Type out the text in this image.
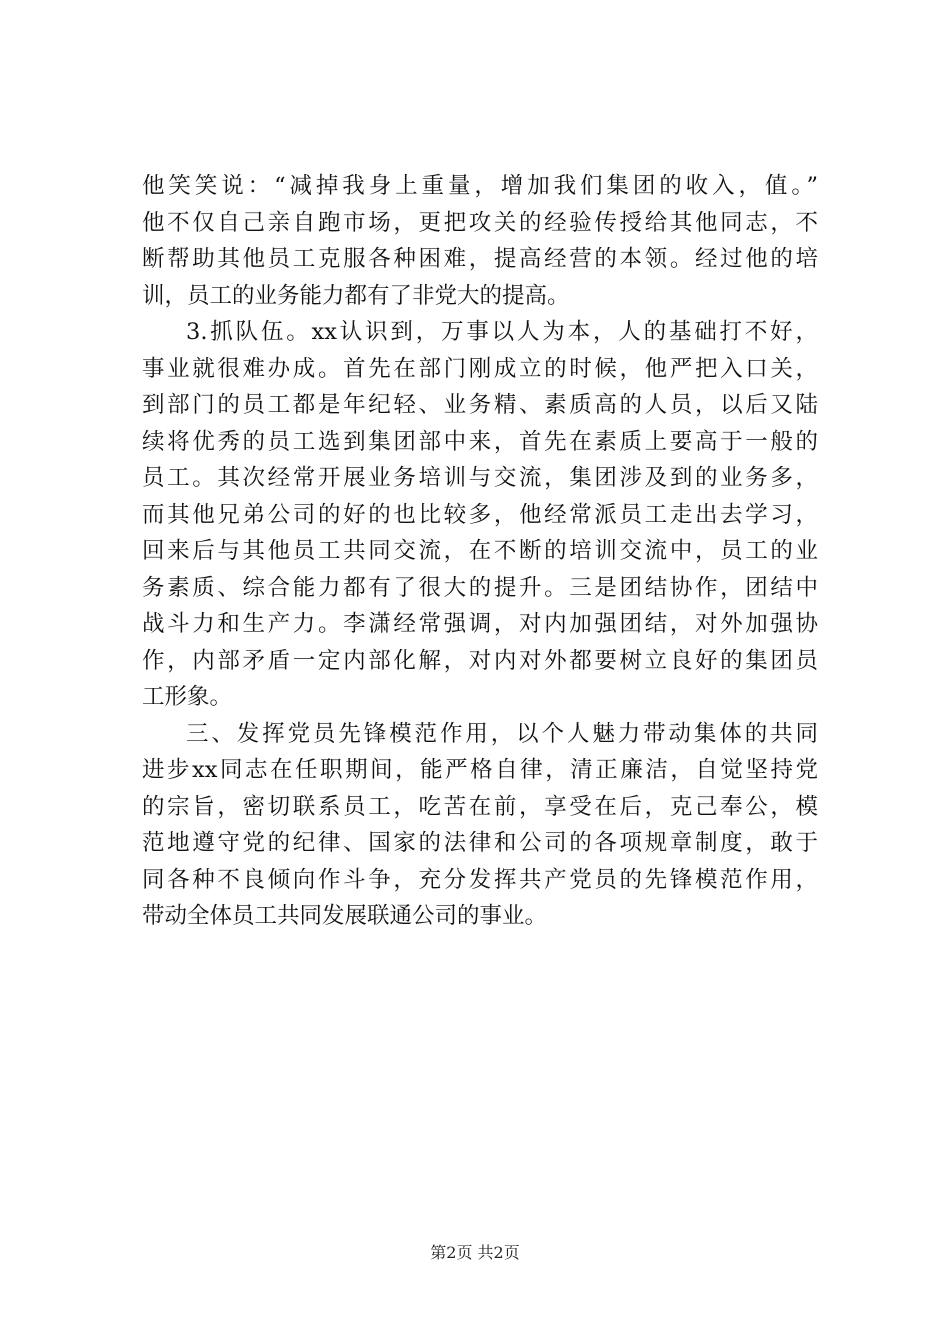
他笑笑说：“减掉我身上重量，增加我们集团的收入，值。”
他不仅自己亲自跑市场，更把攻关的经验传授给其他同志，不
断帮助其他员工克服各种困难，提高经营的本领。经过他的培
训，员工的业务能力都有了非党大的提高。
3.抓队伍。xx认识到，万事以人为本，人的基础打不好，
事业就很难办成。首先在部门刚成立的时候，他严把入口关，
到部门的员工都是年纪轻、业务精、素质高的人员，以后又陆
续将优秀的员工选到集团部中来，首先在素质上要高于一般的
员工。其次经常开展业务培训与交流，集团涉及到的业务多，
而其他兄弟公司的好的也比较多，他经常派员工走出去学习，
回来后与其他员工共同交流，在不断的培训交流中，员工的业
务素质、综合能力都有了很大的提升。三是团结协作，团结中
战斗力和生产力。李潇经常强调，对内加强团结，对外加强协
作，内部矛盾一定内部化解，对内对外都要树立良好的集团员
工形象。
三、发挥党员先锋模范作用，以个人魅力带动集体的共同
进步xx同志在任职期间，能严格自律，清正廉洁，自觉坚持党
的宗旨，密切联系员工，吃苦在前，享受在后，克己奉公，模
范地遵守党的纪律、国家的法律和公司的各项规章制度，敢于
同各种不良倾向作斗争，充分发挥共产党员的先锋模范作用，
带动全体员工共同发展联通公司的事业。
第2页 共2页
